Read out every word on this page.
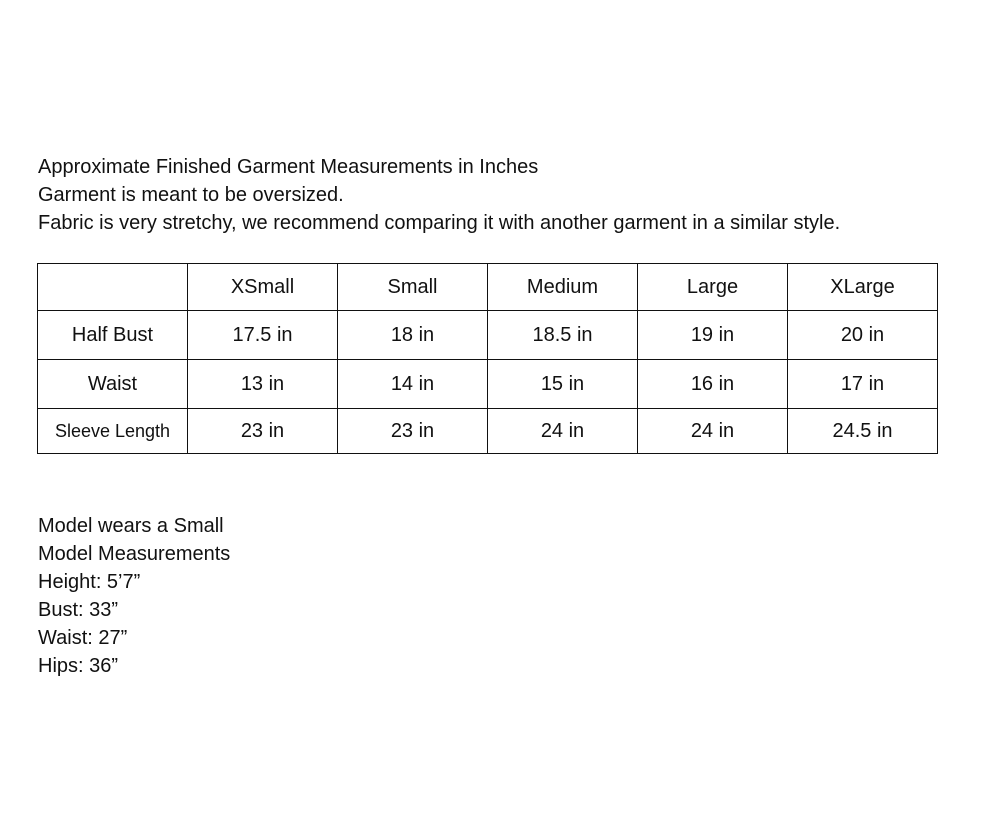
Approximate Finished Garment Measurements in Inches
Garment is meant to be oversized.
Fabric is very stretchy, we recommend comparing it with another garment in a similar style.
	XSmall	Small	Medium	Large	XLarge
Half Bust	17.5 in	18 in	18.5 in	19 in	20 in
Waist	13 in	14 in	15 in	16 in	17 in
Sleeve Length	23 in	23 in	24 in	24 in	24.5 in
Model wears a Small
Model Measurements
Height: 5’7”
Bust: 33”
Waist: 27”
Hips: 36”
